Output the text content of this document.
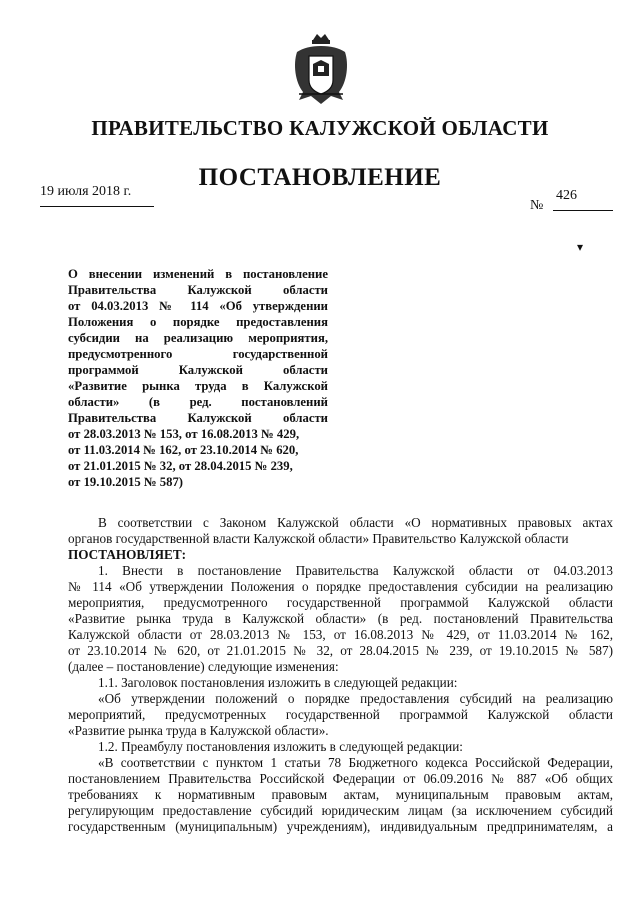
ПРАВИТЕЛЬСТВО КАЛУЖСКОЙ ОБЛАСТИ
ПОСТАНОВЛЕНИЕ
19 июля 2018 г.
№
426
▾
О внесении изменений в постановление
Правительства Калужской области
от 04.03.2013 № 114 «Об утверждении
Положения о порядке предоставления
субсидии на реализацию мероприятия,
предусмотренного государственной
программой Калужской области
«Развитие рынка труда в Калужской
области» (в ред. постановлений
Правительства Калужской области
от 28.03.2013 № 153, от 16.08.2013 № 429,
от 11.03.2014 № 162, от 23.10.2014 № 620,
от 21.01.2015 № 32, от 28.04.2015 № 239,
от 19.10.2015 № 587)
В соответствии с Законом Калужской области «О нормативных правовых актах
органов государственной власти Калужской области» Правительство Калужской области
ПОСТАНОВЛЯЕТ:
1. Внести в постановление Правительства Калужской области от 04.03.2013
№ 114 «Об утверждении Положения о порядке предоставления субсидии на реализацию
мероприятия, предусмотренного государственной программой Калужской области
«Развитие рынка труда в Калужской области» (в ред. постановлений Правительства
Калужской области от 28.03.2013 № 153, от 16.08.2013 № 429, от 11.03.2014 № 162,
от 23.10.2014 № 620, от 21.01.2015 № 32, от 28.04.2015 № 239, от 19.10.2015 № 587)
(далее – постановление) следующие изменения:
1.1. Заголовок постановления изложить в следующей редакции:
«Об утверждении положений о порядке предоставления субсидий на реализацию
мероприятий, предусмотренных государственной программой Калужской области
«Развитие рынка труда в Калужской области».
1.2. Преамбулу постановления изложить в следующей редакции:
«В соответствии с пунктом 1 статьи 78 Бюджетного кодекса Российской Федерации,
постановлением Правительства Российской Федерации от 06.09.2016 № 887 «Об общих
требованиях к нормативным правовым актам, муниципальным правовым актам,
регулирующим предоставление субсидий юридическим лицам (за исключением субсидий
государственным (муниципальным) учреждениям), индивидуальным предпринимателям, а
